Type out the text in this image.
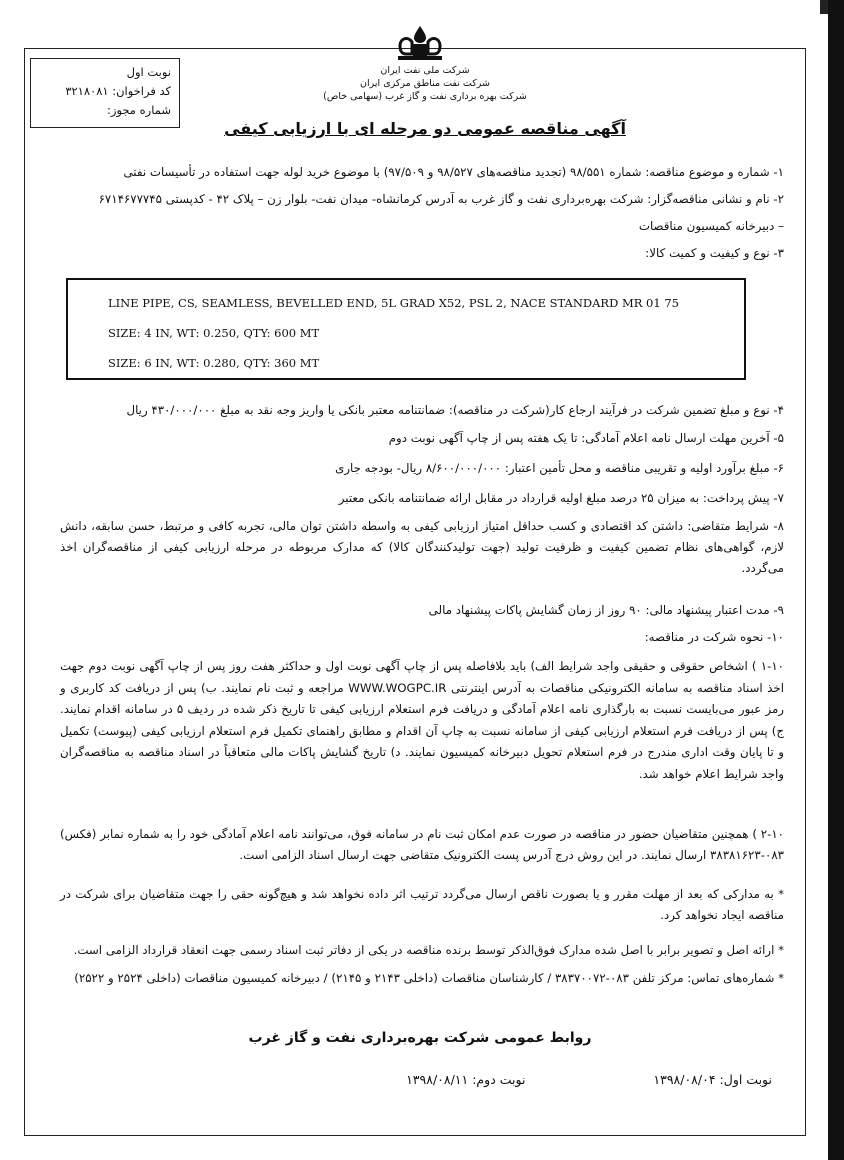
نوبت اول
کد فراخوان: ۳۲۱۸۰۸۱
شماره مجوز:
شرکت ملی نفت ایران
شرکت نفت مناطق مرکزی ایران
شرکت بهره برداری نفت و گاز غرب (سهامی خاص)
آگهی مناقصه عمومی دو مرحله ای با ارزیابی کیفی
۱- شماره و موضوع مناقصه: شماره ۹۸/۵۵۱ (تجدید مناقصه‌های ۹۸/۵۲۷ و ۹۷/۵۰۹) با موضوع خرید لوله جهت استفاده در تأسیسات نفتی
۲- نام و نشانی مناقصه‌گزار: شرکت بهره‌برداری نفت و گاز غرب به آدرس کرمانشاه- میدان نفت- بلوار زن – پلاک ۴۲ - کدپستی ۶۷۱۴۶۷۷۷۴۵
– دبیرخانه کمیسیون مناقصات
۳- نوع و کیفیت و کمیت کالا:
LINE PIPE, CS, SEAMLESS, BEVELLED END, 5L GRAD X52, PSL 2, NACE STANDARD MR 01 75
SIZE: 4 IN, WT: 0.250, QTY: 600 MT
SIZE: 6 IN, WT: 0.280, QTY: 360 MT
۴- نوع و مبلغ تضمین شرکت در فرآیند ارجاع کار(شرکت در مناقصه): ضمانتنامه معتبر بانکی یا واریز وجه نقد به مبلغ ۴۳۰/۰۰۰/۰۰۰ ریال
۵- آخرین مهلت ارسال نامه اعلام آمادگی: تا یک هفته پس از چاپ آگهی نوبت دوم
۶- مبلغ برآورد اولیه و تقریبی مناقصه و محل تأمین اعتبار: ۸/۶۰۰/۰۰۰/۰۰۰ ریال- بودجه جاری
۷- پیش پرداخت: به میزان ۲۵ درصد مبلغ اولیه قرارداد در مقابل ارائه ضمانتنامه بانکی معتبر
۸- شرایط متقاضی: داشتن کد اقتصادی و کسب حداقل امتیاز ارزیابی کیفی به واسطه داشتن توان مالی، تجربه کافی و مرتبط، حسن سابقه، دانش لازم، گواهی‌های نظام تضمین کیفیت و ظرفیت تولید (جهت تولیدکنندگان کالا) که مدارک مربوطه در مرحله ارزیابی کیفی از مناقصه‌گران اخذ می‌گردد.
۹- مدت اعتبار پیشنهاد مالی: ۹۰ روز از زمان گشایش پاکات پیشنهاد مالی
۱۰- نحوه شرکت در مناقصه:
۱-۱۰ ) اشخاص حقوقی و حقیقی واجد شرایط الف) باید بلافاصله پس از چاپ آگهی نوبت اول و حداکثر هفت روز پس از چاپ آگهی نوبت دوم جهت اخذ اسناد مناقصه به سامانه الکترونیکی مناقصات به آدرس اینترنتی WWW.WOGPC.IR مراجعه و ثبت نام نمایند. ب) پس از دریافت کد کاربری و رمز عبور می‌بایست نسبت به بارگذاری نامه اعلام آمادگی و دریافت فرم استعلام ارزیابی کیفی تا تاریخ ذکر شده در ردیف ۵ در سامانه اقدام نمایند. ج) پس از دریافت فرم استعلام ارزیابی کیفی از سامانه نسبت به چاپ آن اقدام و مطابق راهنمای تکمیل فرم استعلام ارزیابی کیفی (پیوست) تکمیل و تا پایان وقت اداری مندرج در فرم استعلام تحویل دبیرخانه کمیسیون نمایند. د) تاریخ گشایش پاکات مالی متعاقباً در اسناد مناقصه به مناقصه‌گران واجد شرایط اعلام خواهد شد.
۲-۱۰ ) همچنین متقاضیان حضور در مناقصه در صورت عدم امکان ثبت نام در سامانه فوق، می‌توانند نامه اعلام آمادگی خود را به شماره نمابر (فکس) ۰۸۳-۳۸۳۸۱۶۲۳ ارسال نمایند. در این روش درج آدرس پست الکترونیک متقاضی جهت ارسال اسناد الزامی است.
* به مدارکی که بعد از مهلت مقرر و یا بصورت ناقص ارسال می‌گردد ترتیب اثر داده نخواهد شد و هیچ‌گونه حقی را جهت متقاضیان برای شرکت در مناقصه ایجاد نخواهد کرد.
* ارائه اصل و تصویر برابر با اصل شده مدارک فوق‌الذکر توسط برنده مناقصه در یکی از دفاتر ثبت اسناد رسمی جهت انعقاد قرارداد الزامی است.
* شماره‌های تماس: مرکز تلفن ۰۸۳-۳۸۳۷۰۰۷۲ / کارشناسان مناقصات (داخلی ۲۱۴۳ و ۲۱۴۵) / دبیرخانه کمیسیون مناقصات (داخلی ۲۵۲۴ و ۲۵۲۲)
روابط عمومی شرکت بهره‌برداری نفت و گاز غرب
نوبت اول: ۱۳۹۸/۰۸/۰۴  نوبت دوم: ۱۳۹۸/۰۸/۱۱
